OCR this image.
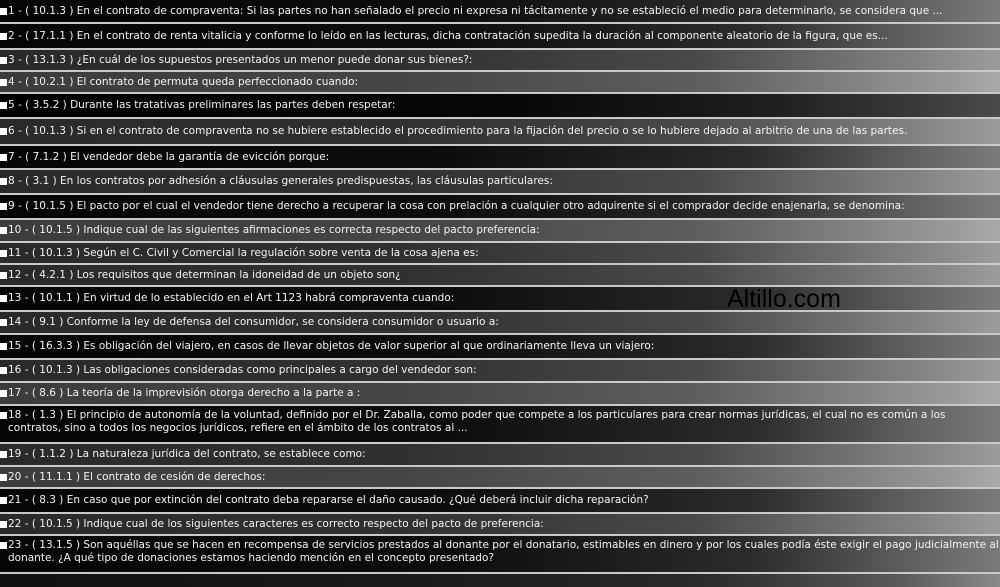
1 - ( 10.1.3 ) En el contrato de compraventa: Si las partes no han señalado el precio ni expresa ni tácitamente y no se estableció el medio para determinarlo, se considera que ...
2 - ( 17.1.1 ) En el contrato de renta vitalicia y conforme lo leído en las lecturas, dicha contratación supedita la duración al componente aleatorio de la figura, que es...
3 - ( 13.1.3 ) ¿En cuál de los supuestos presentados un menor puede donar sus bienes?:
4 - ( 10.2.1 ) El contrato de permuta queda perfeccionado cuando:
5 - ( 3.5.2 ) Durante las tratativas preliminares las partes deben respetar:
6 - ( 10.1.3 ) Si en el contrato de compraventa no se hubiere establecido el procedimiento para la fijación del precio o se lo hubiere dejado al arbitrio de una de las partes.
7 - ( 7.1.2 ) El vendedor debe la garantía de evicción porque:
8 - ( 3.1 ) En los contratos por adhesión a cláusulas generales predispuestas, las cláusulas particulares:
9 - ( 10.1.5 ) El pacto por el cual el vendedor tiene derecho a recuperar la cosa con prelación a cualquier otro adquirente si el comprador decide enajenarla, se denomina:
10 - ( 10.1.5 ) Indique cual de las siguientes afirmaciones es correcta respecto del pacto preferencia:
11 - ( 10.1.3 ) Según el C. Civil y Comercial la regulación sobre venta de la cosa ajena es:
12 - ( 4.2.1 ) Los requisitos que determinan la idoneidad de un objeto son¿
13 - ( 10.1.1 ) En virtud de lo establecido en el Art 1123 habrá compraventa cuando:
14 - ( 9.1 ) Conforme la ley de defensa del consumidor, se considera consumidor o usuario a:
15 - ( 16.3.3 ) Es obligación del viajero, en casos de llevar objetos de valor superior al que ordinariamente lleva un viajero:
16 - ( 10.1.3 ) Las obligaciones consideradas como principales a cargo del vendedor son:
17 - ( 8.6 ) La teoría de la imprevisión otorga derecho a la parte a :
18 - ( 1.3 ) El principio de autonomía de la voluntad, definido por el Dr. Zaballa, como poder que compete a los particulares para crear normas jurídicas, el cual no es común a los contratos, sino a todos los negocios jurídicos, refiere en el ámbito de los contratos al ...
19 - ( 1.1.2 ) La naturaleza jurídica del contrato, se establece como:
20 - ( 11.1.1 ) El contrato de cesión de derechos:
21 - ( 8.3 ) En caso que por extinción del contrato deba repararse el daño causado. ¿Qué deberá incluir dicha reparación?
22 - ( 10.1.5 ) Indique cual de los siguientes caracteres es correcto respecto del pacto de preferencia:
23 - ( 13.1.5 ) Son aquéllas que se hacen en recompensa de servicios prestados al donante por el donatario, estimables en dinero y por los cuales podía éste exigir el pago judicialmente al donante. ¿A qué tipo de donaciones estamos haciendo mención en el concepto presentado?
Altillo.com
